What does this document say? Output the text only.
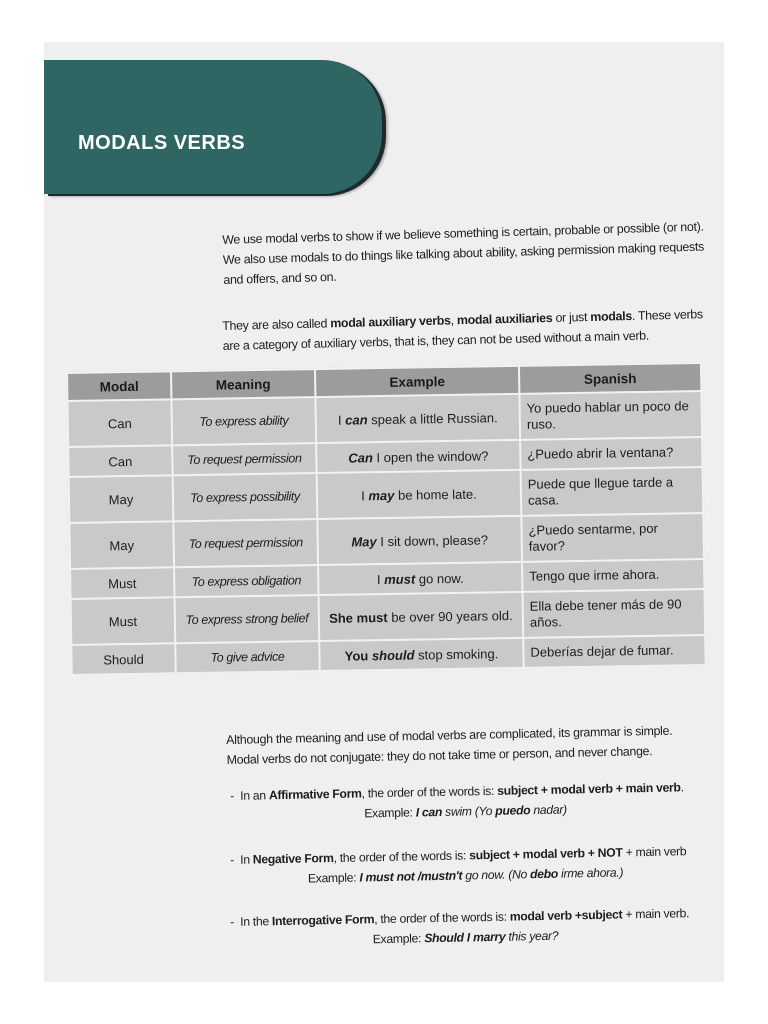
MODALS VERBS

We use modal verbs to show if we believe something is certain, probable or possible (or not). We also use modals to do things like talking about ability, asking permission making requests and offers, and so on.

They are also called modal auxiliary verbs, modal auxiliaries or just modals. These verbs are a category of auxiliary verbs, that is, they can not be used without a main verb.

Modal	Meaning	Example	Spanish
Can	To express ability	I can speak a little Russian.	Yo puedo hablar un poco de ruso.
Can	To request permission	Can I open the window?	¿Puedo abrir la ventana?
May	To express possibility	I may be home late.	Puede que llegue tarde a casa.
May	To request permission	May I sit down, please?	¿Puedo sentarme, por favor?
Must	To express obligation	I must go now.	Tengo que irme ahora.
Must	To express strong belief	She must be over 90 years old.	Ella debe tener más de 90 años.
Should	To give advice	You should stop smoking.	Deberías dejar de fumar.

Although the meaning and use of modal verbs are complicated, its grammar is simple. Modal verbs do not conjugate: they do not take time or person, and never change.

- In an Affirmative Form, the order of the words is: subject + modal verb + main verb.
Example: I can swim (Yo puedo nadar)
- In Negative Form, the order of the words is: subject + modal verb + NOT + main verb
Example: I must not /mustn't go now. (No debo irme ahora.)
- In the Interrogative Form, the order of the words is: modal verb +subject + main verb.
Example: Should I marry this year?
